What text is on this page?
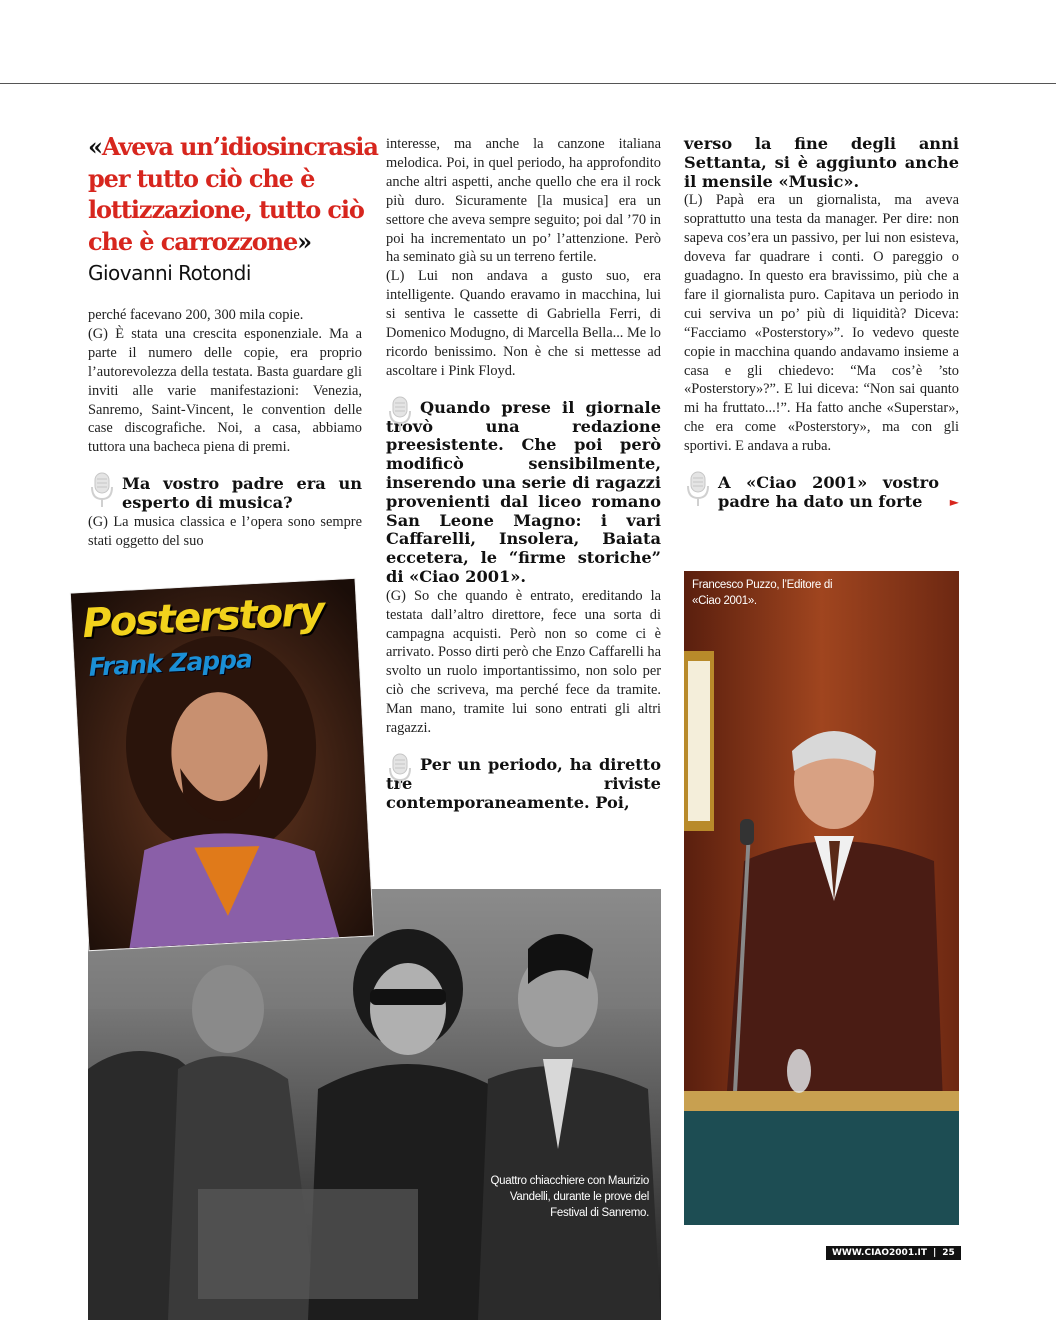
«Aveva un’idiosincrasia per tutto ciò che è lottizzazione, tutto ciò che è carrozzone»
Giovanni Rotondi

perché facevano 200, 300 mila copie.

(G) È stata una crescita esponenziale. Ma a parte il numero delle copie, era proprio l’autorevolezza della testata. Basta guardare gli inviti alle varie manifestazioni: Venezia, Sanremo, Saint-Vincent, le convention delle case discografiche. Noi, a casa, abbiamo tuttora una bacheca piena di premi.

Ma vostro padre era un esperto di musica?

(G) La musica classica e l’opera sono sempre stati oggetto del suo

interesse, ma anche la canzone italiana melodica. Poi, in quel periodo, ha approfondito anche altri aspetti, anche quello che era il rock più duro. Sicuramente [la musica] era un settore che aveva sempre seguito; poi dal ’70 in poi ha incrementato un po’ l’attenzione. Però ha seminato già su un terreno fertile.

(L) Lui non andava a gusto suo, era intelligente. Quando eravamo in macchina, lui si sentiva le cassette di Gabriella Ferri, di Domenico Modugno, di Marcella Bella... Me lo ricordo benissimo. Non è che si mettesse ad ascoltare i Pink Floyd.

Quando prese il giornale trovò una redazione preesistente. Che poi però modificò sensibilmente, inserendo una serie di ragazzi provenienti dal liceo romano San Leone Magno: i vari Caffarelli, Insolera, Baiata eccetera, le “firme storiche” di «Ciao 2001».

(G) So che quando è entrato, ereditando la testata dall’altro direttore, fece una sorta di campagna acquisti. Però non so come ci è arrivato. Posso dirti però che Enzo Caffarelli ha svolto un ruolo importantissimo, non solo per ciò che scriveva, ma perché fece da tramite. Man mano, tramite lui sono entrati gli altri ragazzi.

Per un periodo, ha diretto tre riviste contemporaneamente. Poi,
verso la fine degli anni Settanta, si è aggiunto anche il mensile «Music».

(L) Papà era un giornalista, ma aveva soprattutto una testa da manager. Per dire: non sapeva cos’era un passivo, per lui non esisteva, doveva far quadrare i conti. O pareggio o guadagno. In questo era bravissimo, più che a fare il giornalista puro. Capitava un periodo in cui serviva un po’ più di liquidità? Diceva: “Facciamo «Posterstory»”. Io vedevo queste copie in macchina quando andavamo insieme a casa e gli chiedevo: “Ma cos’è ’sto «Posterstory»?”. E lui diceva: “Non sai quanto mi ha fruttato...!”. Ha fatto anche «Superstar», che era come «Posterstory», ma con gli sportivi. E andava a ruba.

A «Ciao 2001» vostro padre ha dato un forte	►
Quattro chiacchiere con Maurizio Vandelli, durante le prove del Festival di Sanremo.
Posterstory
Frank Zappa
Francesco Puzzo, l’Editore di «Ciao 2001».
WWW.CIAO2001.IT | 25
